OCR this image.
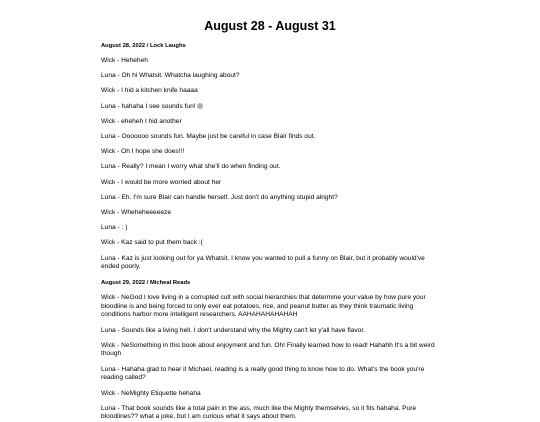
August 28 - August 31
August 28, 2022 / Lock Laughs

Wick - Heheheh

Luna - Oh hi Whatsit. Whatcha laughing about?

Wick - I hid a kitchen knife haaaa

Luna - hahaha I see sounds fun!

Wick - eheheh I hid another

Luna - Ooooooo sounds fun. Maybe just be careful in case Blair finds out.

Wick - Oh I hope she does!!!

Luna - Really? I mean I worry what she'll do when finding out.

Wick - I would be more worried about her

Luna - Eh. I'm sure Blair can handle herself. Just don't do anything stupid alright?

Wick - Wheheheeeeeze

Luna - : )

Wick - Kaz said to put them back :(

Luna - Kaz is just looking out for ya Whatsit. I know you wanted to pull a funny on Blair, but it probably would've ended poorly.

August 29, 2022 / Micheal Reads

Wick - NeGod I love living in a corrupted cult with social hierarchies that determine your value by how pure your bloodline is and being forced to only ever eat potatoes, rice, and peanut butter as they think traumatic living conditions harbor more intelligent researchers. AAHAHAHAHAHAH

Luna - Sounds like a living hell. I don't understand why the Mighty can't let y'all have flavor.

Wick - NeSomething in this book about enjoyment and fun. Oh! Finally learned how to read! Hahahh It's a bit weird though

Luna - Hahaha glad to hear it Michael, reading is a really good thing to know how to do. What's the book you're reading called?

Wick - NeMighty Etiquette hehaha

Luna - That book sounds like a total pain in the ass, much like the Mighty themselves, so it fits hahaha. Pure bloodlines?? what a joke, but I am curious what it says about them.
